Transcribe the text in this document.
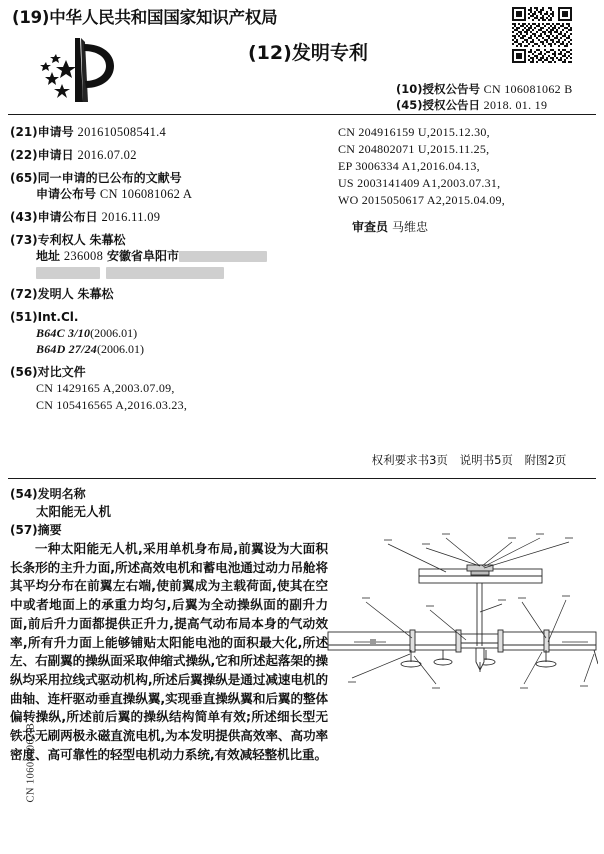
CN 106081062 B
(19)中华人民共和国国家知识产权局
(12)发明专利
(10)授权公告号 CN 106081062 B
(45)授权公告日 2018. 01. 19
(21)申请号 201610508541.4
(22)申请日 2016.07.02
(65)同一申请的已公布的文献号
申请公布号 CN 106081062 A
(43)申请公布日 2016.11.09
(73)专利权人 朱幕松
地址 236008 安徽省阜阳市
(72)发明人 朱幕松
(51)Int.Cl.
B64C 3/10(2006.01)
B64D 27/24(2006.01)
(56)对比文件
CN 1429165 A,2003.07.09,
CN 105416565 A,2016.03.23,
CN 204916159 U,2015.12.30,
CN 204802071 U,2015.11.25,
EP 3006334 A1,2016.04.13,
US 2003141409 A1,2003.07.31,
WO 2015050617 A2,2015.04.09,
审查员 马维忠
权利要求书3页 说明书5页 附图2页
(54)发明名称
太阳能无人机
(57)摘要
一种太阳能无人机,采用单机身布局,前翼设为大面积长条形的主升力面,所述高效电机和蓄电池通过动力吊舱将其平均分布在前翼左右端,使前翼成为主载荷面,使其在空中或者地面上的承重力均匀,后翼为全动操纵面的副升力面,前后升力面都提供正升力,提高气动布局本身的气动效率,所有升力面上能够铺贴太阳能电池的面积最大化,所述左、右副翼的操纵面采取伸缩式操纵,它和所述起落架的操纵均采用拉线式驱动机构,所述后翼操纵是通过减速电机的曲轴、连杆驱动垂直操纵翼,实现垂直操纵翼和后翼的整体偏转操纵,所述前后翼的操纵结构简单有效;所述细长型无铁芯无刷两极永磁直流电机,为本发明提供高效率、高功率密度、高可靠性的轻型电机动力系统,有效减轻整机比重。
